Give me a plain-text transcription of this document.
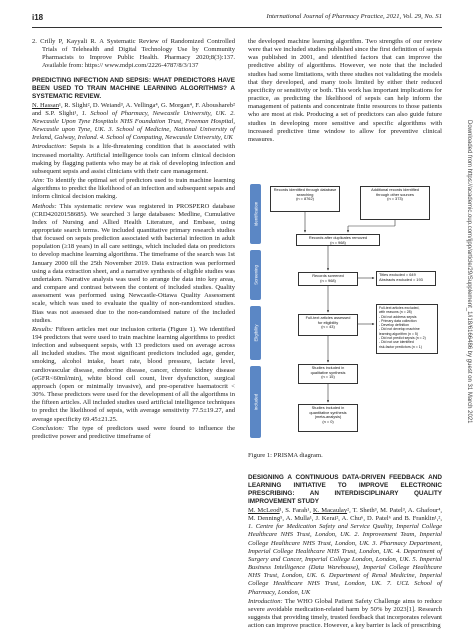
i18	International Journal of Pharmacy Practice, 2021, Vol. 29, No. S1
Downloaded from https://academic.oup.com/ijpp/article/29/Supplement_1/i18/6166486 by guest on 31 March 2021

2. Crilly P, Kayyali R. A Systematic Review of Randomized Controlled Trials of Telehealth and Digital Technology Use by Community Pharmacists to Improve Public Health. Pharmacy 2020;8(3):137. Available from: https:// www.mdpi.com/2226-4787/8/3/137

PREDICTING INFECTION AND SEPSIS: WHAT PREDICTORS HAVE BEEN USED TO TRAIN MACHINE LEARNING ALGORITHMS? A SYSTEMATIC REVIEW.

N. Hassan¹, R. Slight², D. Weiand³, A. Vellinga⁴, G. Morgan⁴, F. Aboushareb² and S.P. Slight¹, 1. School of Pharmacy, Newcastle University, UK. 2. Newcastle Upon Tyne Hospitals NHS Foundation Trust, Freeman Hospital, Newcastle upon Tyne, UK. 3. School of Medicine, National University of Ireland, Galway, Ireland. 4. School of Computing, Newcastle University, UK

Introduction: Sepsis is a life-threatening condition that is associated with increased mortality. Artificial intelligence tools can inform clinical decision making by flagging patients who may be at risk of developing infection and subsequent sepsis and assist clinicians with their care management.

Aim: To identify the optimal set of predictors used to train machine learning algorithms to predict the likelihood of an infection and subsequent sepsis and inform clinical decision making.

Methods: This systematic review was registered in PROSPERO database (CRD42020158685). We searched 3 large databases: Medline, Cumulative Index of Nursing and Allied Health Literature, and Embase, using appropriate search terms. We included quantitative primary research studies that focused on sepsis prediction associated with bacterial infection in adult population (≥18 years) in all care settings, which included data on predictors to develop machine learning algorithms. The timeframe of the search was 1st January 2000 till the 25th November 2019. Data extraction was performed using a data extraction sheet, and a narrative synthesis of eligible studies was undertaken. Narrative analysis was used to arrange the data into key areas, and compare and contrast between the content of included studies. Quality assessment was performed using Newcastle-Ottawa Quality Assessment scale, which was used to evaluate the quality of non-randomized studies. Bias was not assessed due to the non-randomised nature of the included studies.

Results: Fifteen articles met our inclusion criteria (Figure 1). We identified 194 predictors that were used to train machine learning algorithms to predict infection and subsequent sepsis, with 13 predictors used on average across all included studies. The most significant predictors included age, gender, smoking, alcohol intake, heart rate, blood pressure, lactate level, cardiovascular disease, endocrine disease, cancer, chronic kidney disease (eGFR<60ml/min), white blood cell count, liver dysfunction, surgical approach (open or minimally invasive), and pre-operative haematocrit < 30%. These predictors were used for the development of all the algorithms in the fifteen articles. All included studies used artificial intelligence techniques to predict the likelihood of sepsis, with average sensitivity 77.5±19.27, and average specificity 69.45±21.25.

Conclusion: The type of predictors used were found to influence the predictive power and predictive timeframe of

the developed machine learning algorithm. Two strengths of our review were that we included studies published since the first definition of sepsis was published in 2001, and identified factors that can improve the predictive ability of algorithms. However, we note that the included studies had some limitations, with three studies not validating the models that they developed, and many tools limited by either their reduced specificity or sensitivity or both. This work has important implications for practice, as predicting the likelihood of sepsis can help inform the management of patients and concentrate finite resources to those patients who are most at risk. Producing a set of predictors can also guide future studies in developing more sensitive and specific algorithms with increased predictive time window to allow for preventive clinical measures.

Identification
Screening
Eligibility
Included
Records identified through database searching
(n = 8762)
Additional records identified
through other sources
(n = 373)
Records after duplicates removed
(n = 968)
Records screened
(n = 968)
Titles excluded = 649
Abstracts excluded = 193
Full-text articles assessed
for eligibility
(n = 43)
Full-text articles excluded,
with reasons (n = 28)
- Did not address sepsis
- Primary data collection
- Develop definition
- Did not develop machine
learning algorithm (n = 5)
- Did not predict sepsis (n = 2)
- Did not use identified
risk-factor predictors (n = 1)
Studies included in
qualitative synthesis
(n = 15)
Studies included in
quantitative synthesis
(meta-analysis)
(n = 0)
Figure 1: PRISMA diagram.

DESIGNING A CONTINUOUS DATA-DRIVEN FEEDBACK AND LEARNING INITIATIVE TO IMPROVE ELECTRONIC PRESCRIBING: AN INTERDISCIPLINARY QUALITY IMPROVEMENT STUDY

M. McLeod¹, S. Farah¹, K. Macaulay², T. Sheth³, M. Patel³, A. Ghafour⁴, M. Denning⁵, A. Mulla¹, J. Kerai², A. Chu⁶, D. Patel⁶ and B. Franklin¹,², 1. Centre for Medication Safety and Service Quality, Imperial College Healthcare NHS Trust, London, UK. 2. Improvement Team, Imperial College Healthcare NHS Trust, London, UK. 3. Pharmacy Department, Imperial College Healthcare NHS Trust, London, UK. 4. Department of Surgery and Cancer, Imperial College London, London, UK. 5. Imperial Business Intelligence (Data Warehouse), Imperial College Healthcare NHS Trust, London, UK. 6. Department of Renal Medicine, Imperial College Healthcare NHS Trust, London, UK. 7. UCL School of Pharmacy, London, UK

Introduction: The WHO Global Patient Safety Challenge aims to reduce severe avoidable medication-related harm by 50% by 2023[1]. Research suggests that providing timely, trusted feedback that incorporates relevant action can improve practice. However, a key barrier is lack of prescribing
